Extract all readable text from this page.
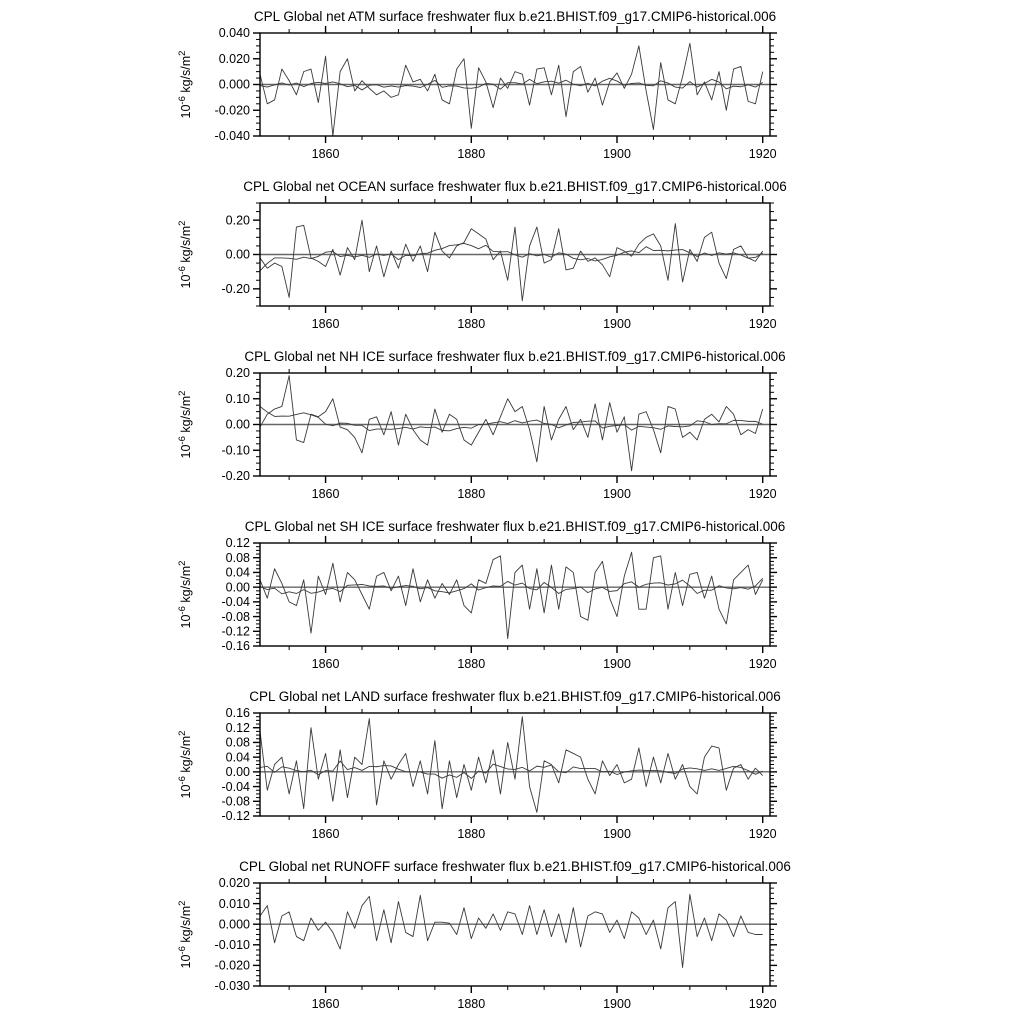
CPL Global net ATM surface freshwater flux b.e21.BHIST.f09_g17.CMIP6-historical.006
-0.040
-0.020
0.000
0.020
0.040
1860	1880	1900	1920
$10^{-6}$ $kg/s/m^2$
CPL Global net OCEAN surface freshwater flux b.e21.BHIST.f09_g17.CMIP6-historical.006
-0.20
0.00
0.20
1860	1880	1900	1920
$10^{-6}$ $kg/s/m^2$
CPL Global net NH ICE surface freshwater flux b.e21.BHIST.f09_g17.CMIP6-historical.006
-0.20
-0.10
0.00
0.10
0.20
1860	1880	1900	1920
$10^{-6}$ $kg/s/m^2$
CPL Global net SH ICE surface freshwater flux b.e21.BHIST.f09_g17.CMIP6-historical.006
-0.16
-0.12
-0.08
-0.04
0.00
0.04
0.08
0.12
1860	1880	1900	1920
$10^{-6}$ $kg/s/m^2$
CPL Global net LAND surface freshwater flux b.e21.BHIST.f09_g17.CMIP6-historical.006
-0.12
-0.08
-0.04
0.00
0.04
0.08
0.12
0.16
1860	1880	1900	1920
$10^{-6}$ $kg/s/m^2$
CPL Global net RUNOFF surface freshwater flux b.e21.BHIST.f09_g17.CMIP6-historical.006
-0.030
-0.020
-0.010
0.000
0.010
0.020
1860	1880	1900	1920
$10^{-6}$ $kg/s/m^2$
